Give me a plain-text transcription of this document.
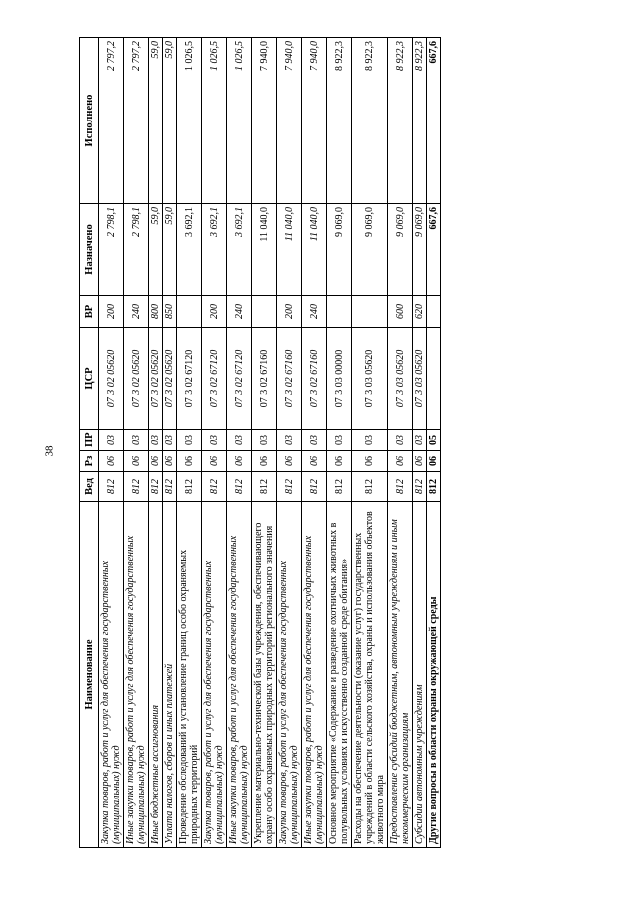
38
Наименование	Вед	Рз	ПР	ЦСР	ВР	Назначено	Исполнено
Закупка товаров, работ и услуг для обеспечения государственных (муниципальных) нужд	812	06	03	07 3 02 05620	200	2 798,1	2 797,2
Иные закупки товаров, работ и услуг для обеспечения государственных (муниципальных) нужд	812	06	03	07 3 02 05620	240	2 798,1	2 797,2
Иные бюджетные ассигнования	812	06	03	07 3 02 05620	800	59,0	59,0
Уплата налогов, сборов и иных платежей	812	06	03	07 3 02 05620	850	59,0	59,0
Проведение обследований и установление границ особо охраняемых природных территорий	812	06	03	07 3 02 67120		3 692,1	1 026,5
Закупка товаров, работ и услуг для обеспечения государственных (муниципальных) нужд	812	06	03	07 3 02 67120	200	3 692,1	1 026,5
Иные закупки товаров, работ и услуг для обеспечения государственных (муниципальных) нужд	812	06	03	07 3 02 67120	240	3 692,1	1 026,5
Укрепление материально-технической базы учреждения, обеспечивающего охрану особо охраняемых природных территорий регионального значения	812	06	03	07 3 02 67160		11 040,0	7 940,0
Закупка товаров, работ и услуг для обеспечения государственных (муниципальных) нужд	812	06	03	07 3 02 67160	200	11 040,0	7 940,0
Иные закупки товаров, работ и услуг для обеспечения государственных (муниципальных) нужд	812	06	03	07 3 02 67160	240	11 040,0	7 940,0
Основное мероприятие «Содержание и разведение охотничьих животных в полувольных условиях и искусственно созданной среде обитания»	812	06	03	07 3 03 00000		9 069,0	8 922,3
Расходы на обеспечение деятельности (оказание услуг) государственных учреждений в области сельского хозяйства, охраны и использования объектов животного мира	812	06	03	07 3 03 05620		9 069,0	8 922,3
Предоставление субсидий бюджетным, автономным учреждениям и иным некоммерческим организациям	812	06	03	07 3 03 05620	600	9 069,0	8 922,3
Субсидии автономным учреждениям	812	06	03	07 3 03 05620	620	9 069,0	8 922,3
Другие вопросы в области охраны окружающей среды	812	06	05			667,6	667,6
